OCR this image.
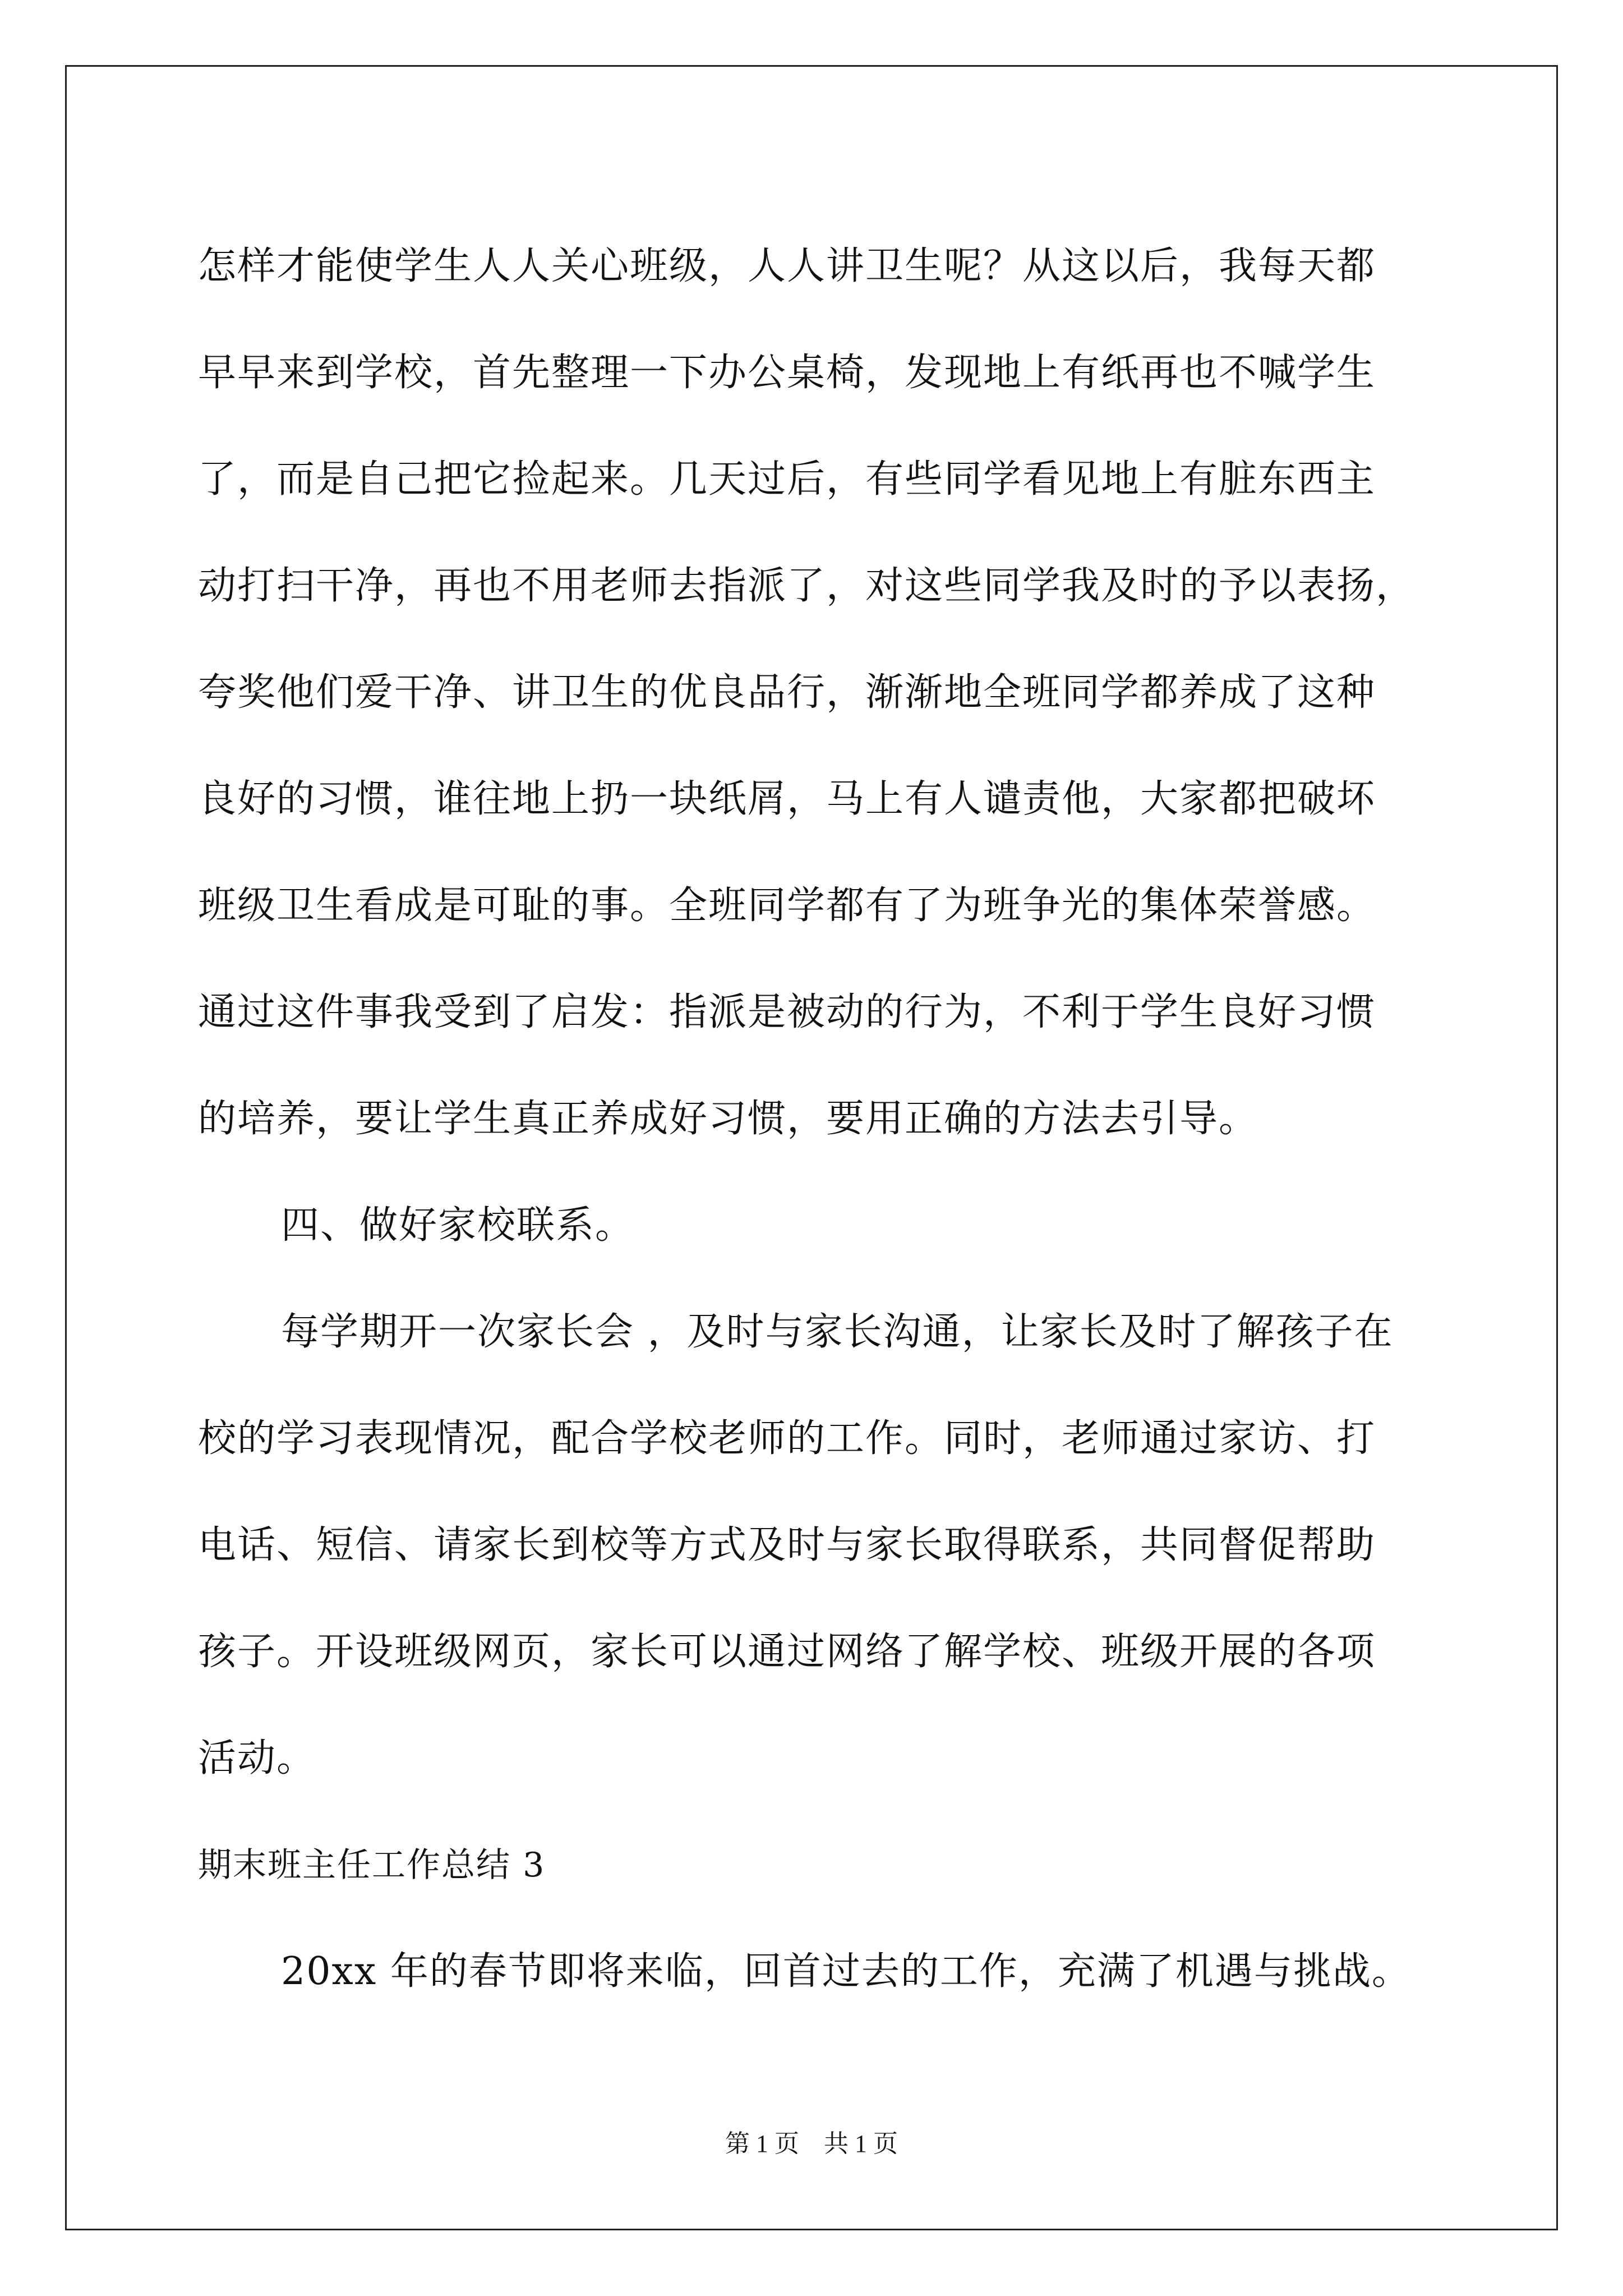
怎样才能使学生人人关心班级，人人讲卫生呢？从这以后，我每天都
早早来到学校，首先整理一下办公桌椅，发现地上有纸再也不喊学生
了，而是自己把它捡起来。几天过后，有些同学看见地上有脏东西主
动打扫干净，再也不用老师去指派了，对这些同学我及时的予以表扬，
夸奖他们爱干净、讲卫生的优良品行，渐渐地全班同学都养成了这种
良好的习惯，谁往地上扔一块纸屑，马上有人谴责他，大家都把破坏
班级卫生看成是可耻的事。全班同学都有了为班争光的集体荣誉感。
通过这件事我受到了启发：指派是被动的行为，不利于学生良好习惯
的培养，要让学生真正养成好习惯，要用正确的方法去引导。
四、做好家校联系。
每学期开一次家长会 ，及时与家长沟通，让家长及时了解孩子在
校的学习表现情况，配合学校老师的工作。同时，老师通过家访、打
电话、短信、请家长到校等方式及时与家长取得联系，共同督促帮助
孩子。开设班级网页，家长可以通过网络了解学校、班级开展的各项
活动。
期末班主任工作总结 3
20xx 年的春节即将来临，回首过去的工作，充满了机遇与挑战。
第 1 页　共 1 页
